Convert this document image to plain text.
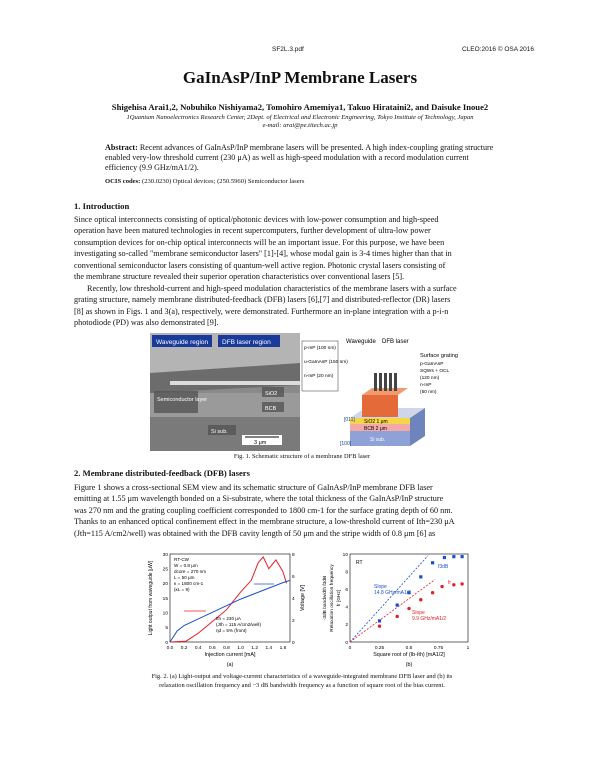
SF2L.3.pdf	CLEO:2016 © OSA 2016
GaInAsP/InP Membrane Lasers
Shigehisa Arai1,2, Nobuhiko Nishiyama2, Tomohiro Amemiya1, Takuo Hirataini2, and Daisuke Inoue2
1Quantum Nanoelectronics Research Center, 2Dept. of Electrical and Electronic Engineering, Tokyo Institute of Technology, Japan
e-mail: arai@pe.titech.ac.jp
Abstract: Recent advances of GaInAsP/InP membrane lasers will be presented. A high index-coupling grating structure enabled very-low threshold current (230 μA) as well as high-speed modulation with a record modulation current efficiency (9.9 GHz/mA1/2).
OCIS codes: (230.0230) Optical devices; (250.5960) Semiconductor lasers
1. Introduction
Since optical interconnects consisting of optical/photonic devices with low-power consumption and high-speed
operation have been matured technologies in recent supercomputers, further development of ultra-low power
consumption devices for on-chip optical interconnects will be an important issue. For this purpose, we have been
investigating so-called "membrane semiconductor lasers" [1]-[4], whose modal gain is 3-4 times higher than that in
conventional semiconductor lasers consisting of quantum-well active region. Photonic crystal lasers consisting of
the membrane structure revealed their superior operation characteristics over conventional lasers [5].
Recently, low threshold-current and high-speed modulation characteristics of the membrane lasers with a surface
grating structure, namely membrane distributed-feedback (DFB) lasers [6],[7] and distributed-reflector (DR) lasers
[8] as shown in Figs. 1 and 3(a), respectively, were demonstrated. Furthermore an in-plane integration with a p-i-n
photodiode (PD) was also demonstrated [9].
Waveguide region DFB laser region
Semiconductor layer
SiO2
BCB
Si sub.
3 μm
p-InP (100 nm)
u-GaInAsP (150 nm)
n-InP (20 nm)
Waveguide DFB laser
SiO2 1 μm
BCB 2 μm
Si sub.
[011]
[100]
Surface grating
p-GaInAsP
SQWs + OCL
(120 nm)
n-InP
(50 nm)
Fig. 1. Schematic structure of a membrane DFB laser
2. Membrane distributed-feedback (DFB) lasers
Figure 1 shows a cross-sectional SEM view and its schematic structure of GaInAsP/InP membrane DFB laser
emitting at 1.55 μm wavelength bonded on a Si-substrate, where the total thickness of the GaInAsP/InP structure
was 270 nm and the grating coupling coefficient corresponded to 1800 cm-1 for the surface grating depth of 60 nm.
Thanks to an enhanced optical confinement effect in the membrane structure, a low-threshold current of Ith=230 μA
(Jth=115 A/cm2/well) was obtained with the DFB cavity length of 50 μm and the stripe width of 0.8 μm [6] as
0.0 0.2 0.4 0.6 0.8 1.0 1.2 1.4 1.6
0
5
10
15
20
25
30
0
2
4
6
8
RT-CW
W = 0.8 μm
dcore = 270 nm
L = 50 μm
κ = 1800 cm-1
(κL = 9)
Ith = 230 μA
(Jth = 115 A/cm2/well)
ηd = 5% (front)
Injection current [mA]
(a)
Light output from waveguide [μW]	Voltage [V]
0	0.25	0.5	0.75	1
0
2
4
6
8
10
RT
f3dB
fr
Slope
14.8 GHz/mA1/2
Slope
9.9 GHz/mA1/2
Square root of (Ib-Ith) [mA1/2]
(b)
-3dB bandwidth f3dB Relaxation oscillation frequency fr [GHz]
Fig. 2. (a) Light-output and voltage-current characteristics of a waveguide-integrated membrane DFB laser and (b) its
relaxation oscillation frequency and −3 dB bandwidth frequency as a function of square root of the bias current.
